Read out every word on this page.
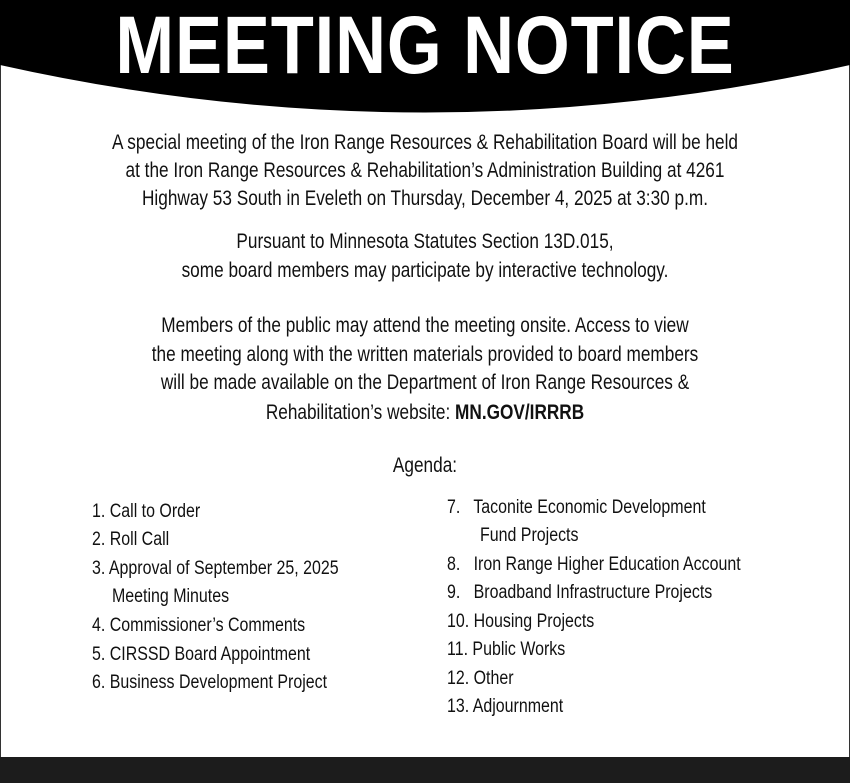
MEETING NOTICE
A special meeting of the Iron Range Resources & Rehabilitation Board will be held
at the Iron Range Resources & Rehabilitation’s Administration Building at 4261
Highway 53 South in Eveleth on Thursday, December 4, 2025 at 3:30 p.m.
Pursuant to Minnesota Statutes Section 13D.015,
some board members may participate by interactive technology.
Members of the public may attend the meeting onsite. Access to view
the meeting along with the written materials provided to board members
will be made available on the Department of Iron Range Resources &
Rehabilitation’s website: MN.GOV/IRRRB
Agenda:
1. Call to Order
2. Roll Call
3. Approval of September 25, 2025
Meeting Minutes
4. Commissioner’s Comments
5. CIRSSD Board Appointment
6. Business Development Project
7.   Taconite Economic Development
Fund Projects
8.   Iron Range Higher Education Account
9.   Broadband Infrastructure Projects
10. Housing Projects
11. Public Works
12. Other
13. Adjournment
